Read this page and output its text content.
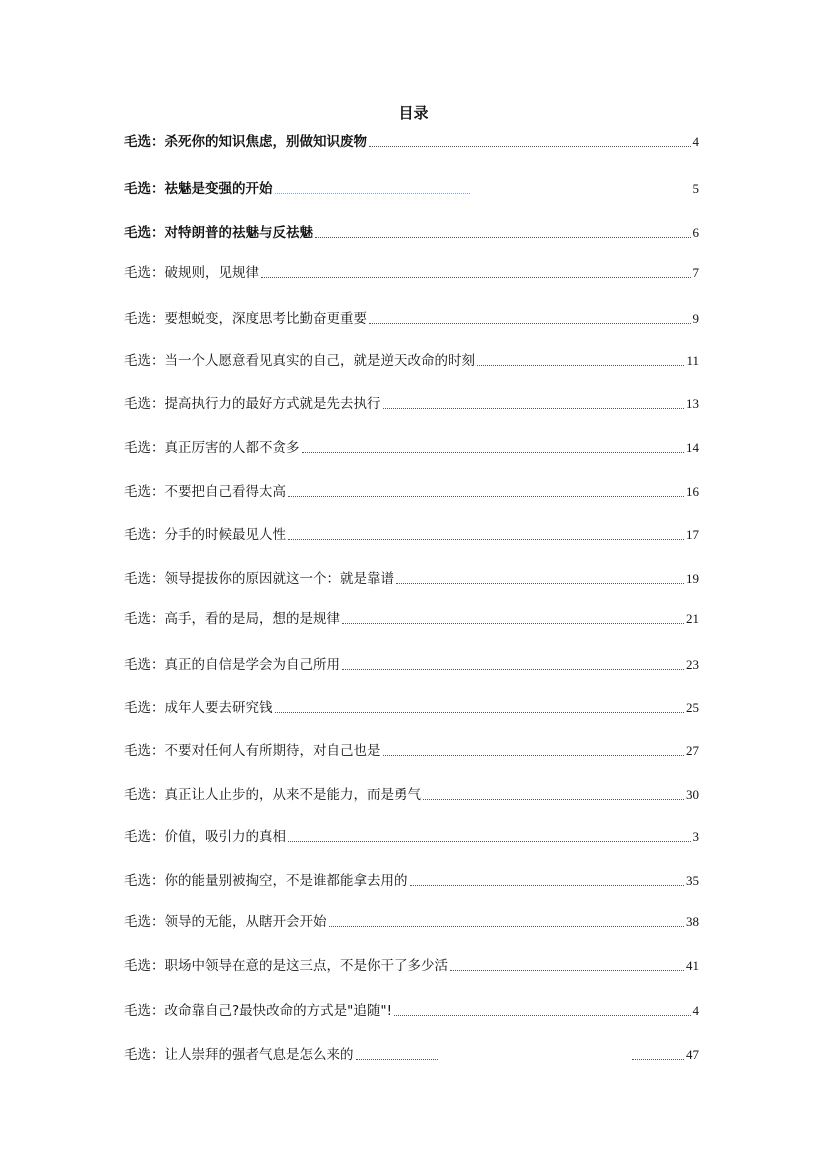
目录
毛选：杀死你的知识焦虑，别做知识废物	4
毛选：祛魅是变强的开始	5
毛选：对特朗普的祛魅与反祛魅	6
毛选：破规则，见规律	7
毛选：要想蜕变，深度思考比勤奋更重要	9
毛选：当一个人愿意看见真实的自己，就是逆天改命的时刻	11
毛选：提高执行力的最好方式就是先去执行	13
毛选：真正厉害的人都不贪多	14
毛选：不要把自己看得太高	16
毛选：分手的时候最见人性	17
毛选：领导提拔你的原因就这一个：就是靠谱	19
毛选：高手，看的是局，想的是规律	21
毛选：真正的自信是学会为自己所用	23
毛选：成年人要去研究钱	25
毛选：不要对任何人有所期待，对自己也是	27
毛选：真正让人止步的，从来不是能力，而是勇气	30
毛选：价值，吸引力的真相	3
毛选：你的能量别被掏空，不是谁都能拿去用的	35
毛选：领导的无能，从瞎开会开始	38
毛选：职场中领导在意的是这三点，不是你干了多少活	41
毛选：改命靠自己?最快改命的方式是"追随"!	4
毛选：让人崇拜的强者气息是怎么来的	47
